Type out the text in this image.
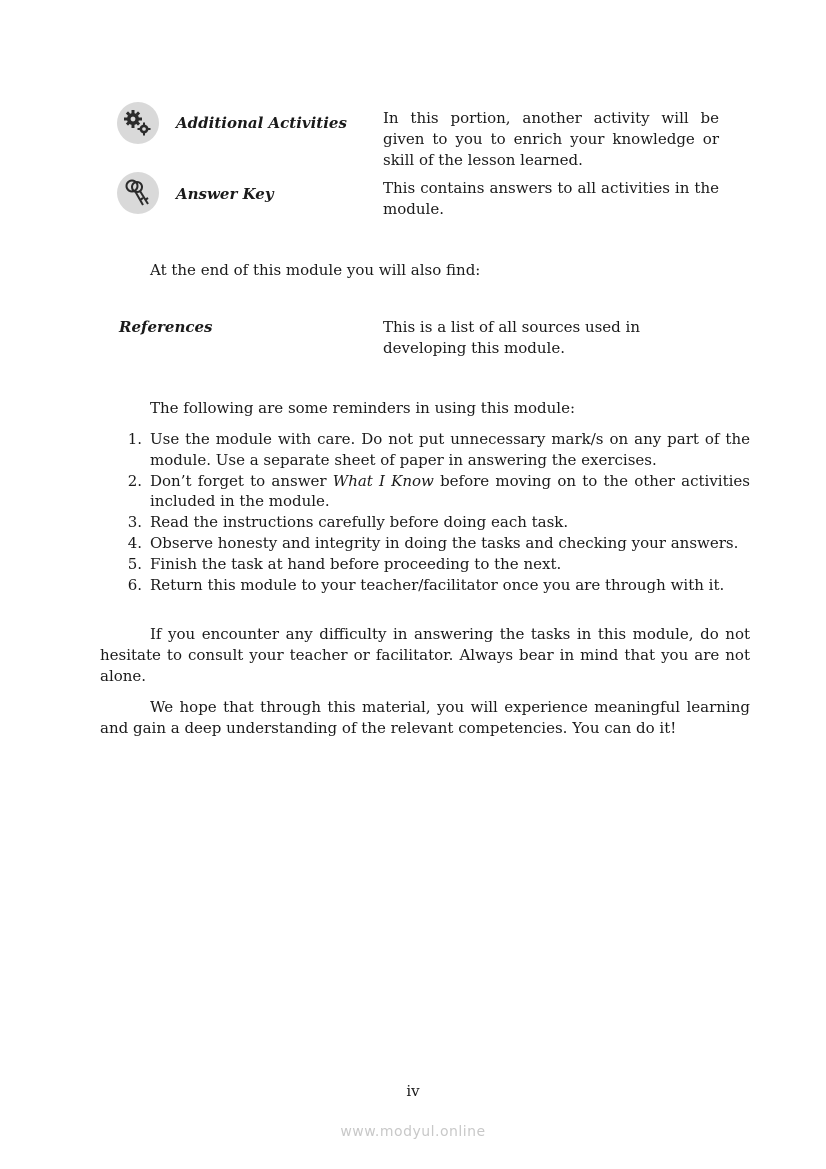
Additional Activities In this portion, another activity will be given to you to enrich your knowledge or skill of the lesson learned.
Answer Key	This contains answers to all activities in the module.
At the end of this module you will also find:
References	This is a list of all sources used in developing this module.
The following are some reminders in using this module:
1. Use the module with care. Do not put unnecessary mark/s on any part of the module. Use a separate sheet of paper in answering the exercises.
2. Don’t forget to answer What I Know before moving on to the other activities included in the module.
3. Read the instructions carefully before doing each task.
4. Observe honesty and integrity in doing the tasks and checking your answers.
5. Finish the task at hand before proceeding to the next.
6. Return this module to your teacher/facilitator once you are through with it.
If you encounter any difficulty in answering the tasks in this module, do not hesitate to consult your teacher or facilitator. Always bear in mind that you are not alone.
We hope that through this material, you will experience meaningful learning and gain a deep understanding of the relevant competencies. You can do it!
iv
www.modyul.online
